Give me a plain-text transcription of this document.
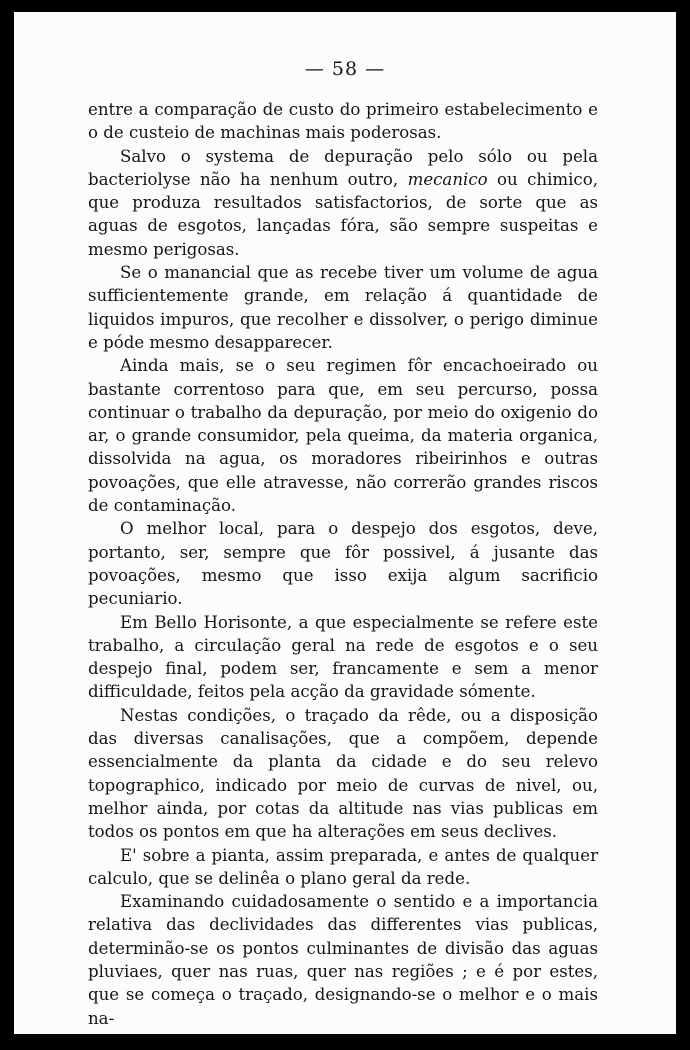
— 58 —

entre a comparação de custo do primeiro estabelecimento e o de custeio de machinas mais poderosas.

Salvo o systema de depuração pelo sólo ou pela bacteriolyse não ha nenhum outro, mecanico ou chimico, que produza resultados satisfactorios, de sorte que as aguas de esgotos, lançadas fóra, são sempre suspeitas e mesmo perigosas.

Se o manancial que as recebe tiver um volume de agua sufficientemente grande, em relação á quantidade de liquidos impuros, que recolher e dissolver, o perigo diminue e póde mesmo desapparecer.

Ainda mais, se o seu regimen fôr encachoeirado ou bastante correntoso para que, em seu percurso, possa continuar o trabalho da depuração, por meio do oxigenio do ar, o grande consumidor, pela queima, da materia organica, dissolvida na agua, os moradores ribeirinhos e outras povoações, que elle atravesse, não correrão grandes riscos de contaminação.

O melhor local, para o despejo dos esgotos, deve, portanto, ser, sempre que fôr possivel, á jusante das povoações, mesmo que isso exija algum sacrificio pecuniario.

Em Bello Horisonte, a que especialmente se refere este trabalho, a circulação geral na rede de esgotos e o seu despejo final, podem ser, francamente e sem a menor difficuldade, feitos pela acção da gravidade sómente.

Nestas condições, o traçado da rêde, ou a disposição das diversas canalisações, que a compõem, depende essencialmente da planta da cidade e do seu relevo topographico, indicado por meio de curvas de nivel, ou, melhor ainda, por cotas da altitude nas vias publicas em todos os pontos em que ha alterações em seus declives.

E' sobre a pianta, assim preparada, e antes de qualquer calculo, que se delinêa o plano geral da rede.

Examinando cuidadosamente o sentido e a importancia relativa das declividades das differentes vias publicas, determinão-se os pontos culminantes de divisão das aguas pluviaes, quer nas ruas, quer nas regiões ; e é por estes, que se começa o traçado, designando-se o melhor e o mais na-
